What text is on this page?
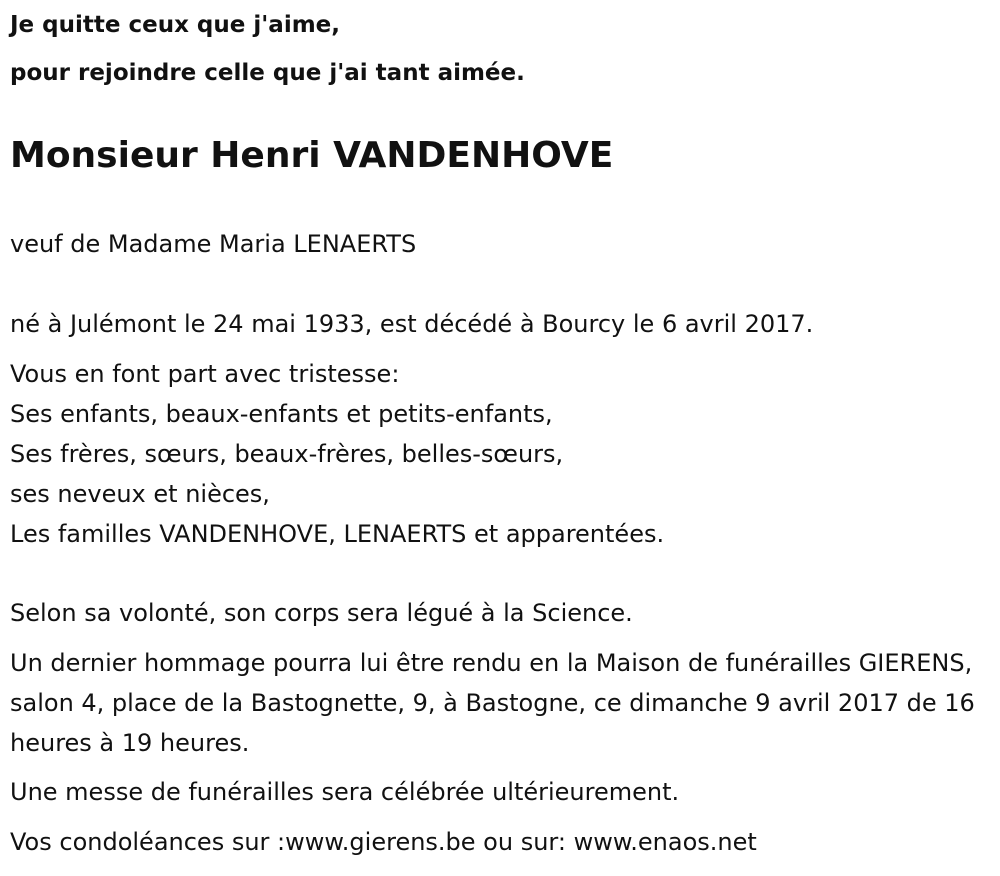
Je quitte ceux que j'aime,

pour rejoindre celle que j'ai tant aimée.

Monsieur Henri VANDENHOVE

veuf de Madame Maria LENAERTS

né à Julémont le 24 mai 1933, est décédé à Bourcy le 6 avril 2017.

Vous en font part avec tristesse:
Ses enfants, beaux-enfants et petits-enfants,
Ses frères, sœurs, beaux-frères, belles-sœurs,
ses neveux et nièces,
Les familles VANDENHOVE, LENAERTS et apparentées.

Selon sa volonté, son corps sera légué à la Science.

Un dernier hommage pourra lui être rendu en la Maison de funérailles GIERENS, salon 4, place de la Bastognette, 9, à Bastogne, ce dimanche 9 avril 2017 de 16 heures à 19 heures.

Une messe de funérailles sera célébrée ultérieurement.

Vos condoléances sur :www.gierens.be ou sur: www.enaos.net
